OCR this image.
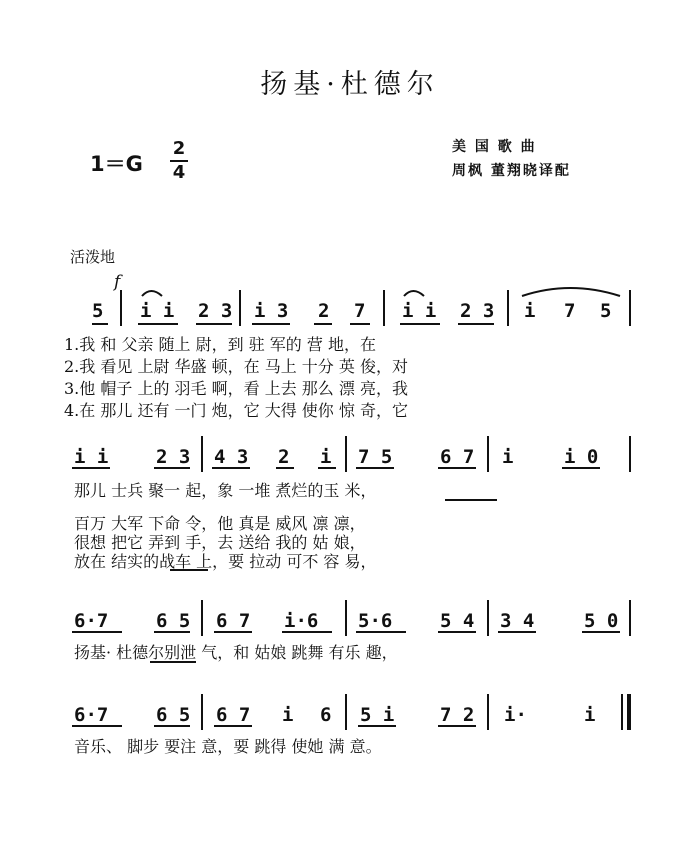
扬基·杜德尔
1＝G
2
4
美 国 歌 曲
周枫 董翔晓译配
活泼地
f
5 i i 2 3 i 3 2 7 i i 2 3 i 7 5
1.我 和 父亲 随上 尉，到 驻 军的 营 地，在
2.我 看见 上尉 华盛 顿，在 马上 十分 英 俊，对
3.他 帽子 上的 羽毛 啊，看 上去 那么 漂 亮，我
4.在 那儿 还有 一门 炮，它 大得 使你 惊 奇，它
i i	2 3 4 3 2 i 7 5	6 7 i	i 0
那儿 士兵 聚一 起，象 一堆 煮烂的玉 米，
百万 大军 下命 令，他 真是 威风 凛 凛，
很想 把它 弄到 手，去 送给 我的 姑 娘，
放在 结实的战车 上，要 拉动 可不 容 易，
6·7	6 5 6 7 i·6 5·6	5 4 3 4	5 0
扬基· 杜德尔别泄 气，和 姑娘 跳舞 有乐 趣，
6·7	6 5 6 7 i 6 5 i 7 2 i·	i
音乐、 脚步 要注 意，要 跳得 使她 满 意。
